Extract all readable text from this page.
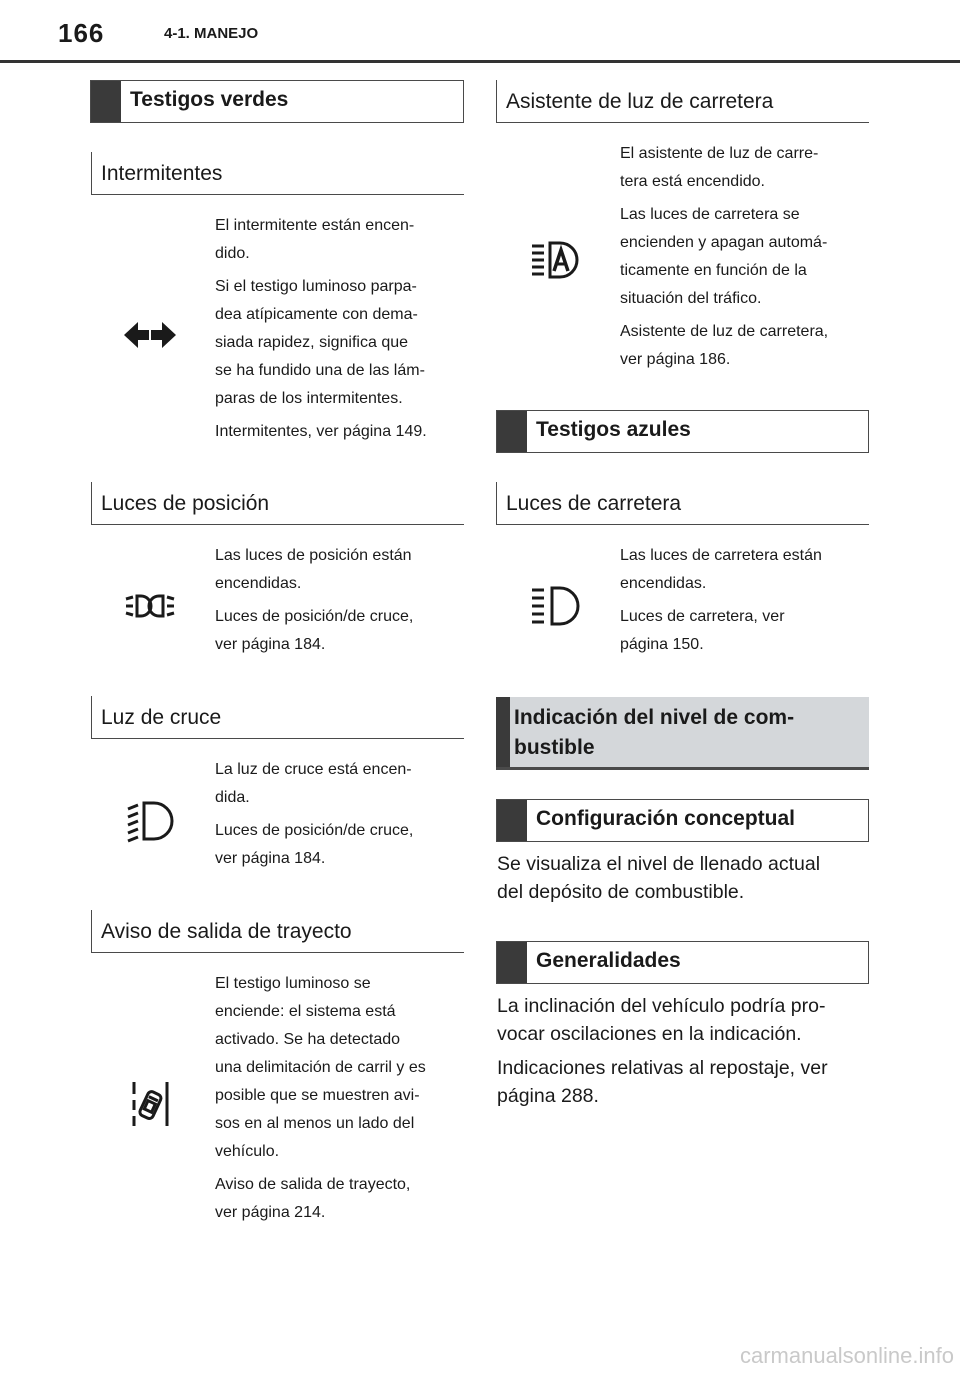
166	4-1. MANEJO
Testigos verdes
Intermitentes

El intermitente están encen-
dido.

Si el testigo luminoso parpa-
dea atípicamente con dema-
siada rapidez, significa que
se ha fundido una de las lám-
paras de los intermitentes.

Intermitentes, ver página 149.

Luces de posición

Las luces de posición están
encendidas.

Luces de posición/de cruce,
ver página 184.

Luz de cruce

La luz de cruce está encen-
dida.

Luces de posición/de cruce,
ver página 184.

Aviso de salida de trayecto

El testigo luminoso se
enciende: el sistema está
activado. Se ha detectado
una delimitación de carril y es
posible que se muestren avi-
sos en al menos un lado del
vehículo.

Aviso de salida de trayecto,
ver página 214.

Asistente de luz de carretera

El asistente de luz de carre-
tera está encendido.

Las luces de carretera se
encienden y apagan automá-
ticamente en función de la
situación del tráfico.

Asistente de luz de carretera,
ver página 186.

Testigos azules
Luces de carretera

Las luces de carretera están
encendidas.

Luces de carretera, ver
página 150.

Indicación del nivel de com-
bustible
Configuración conceptual

Se visualiza el nivel de llenado actual
del depósito de combustible.

Generalidades

La inclinación del vehículo podría pro-
vocar oscilaciones en la indicación.

Indicaciones relativas al repostaje, ver
página 288.

carmanualsonline.info
